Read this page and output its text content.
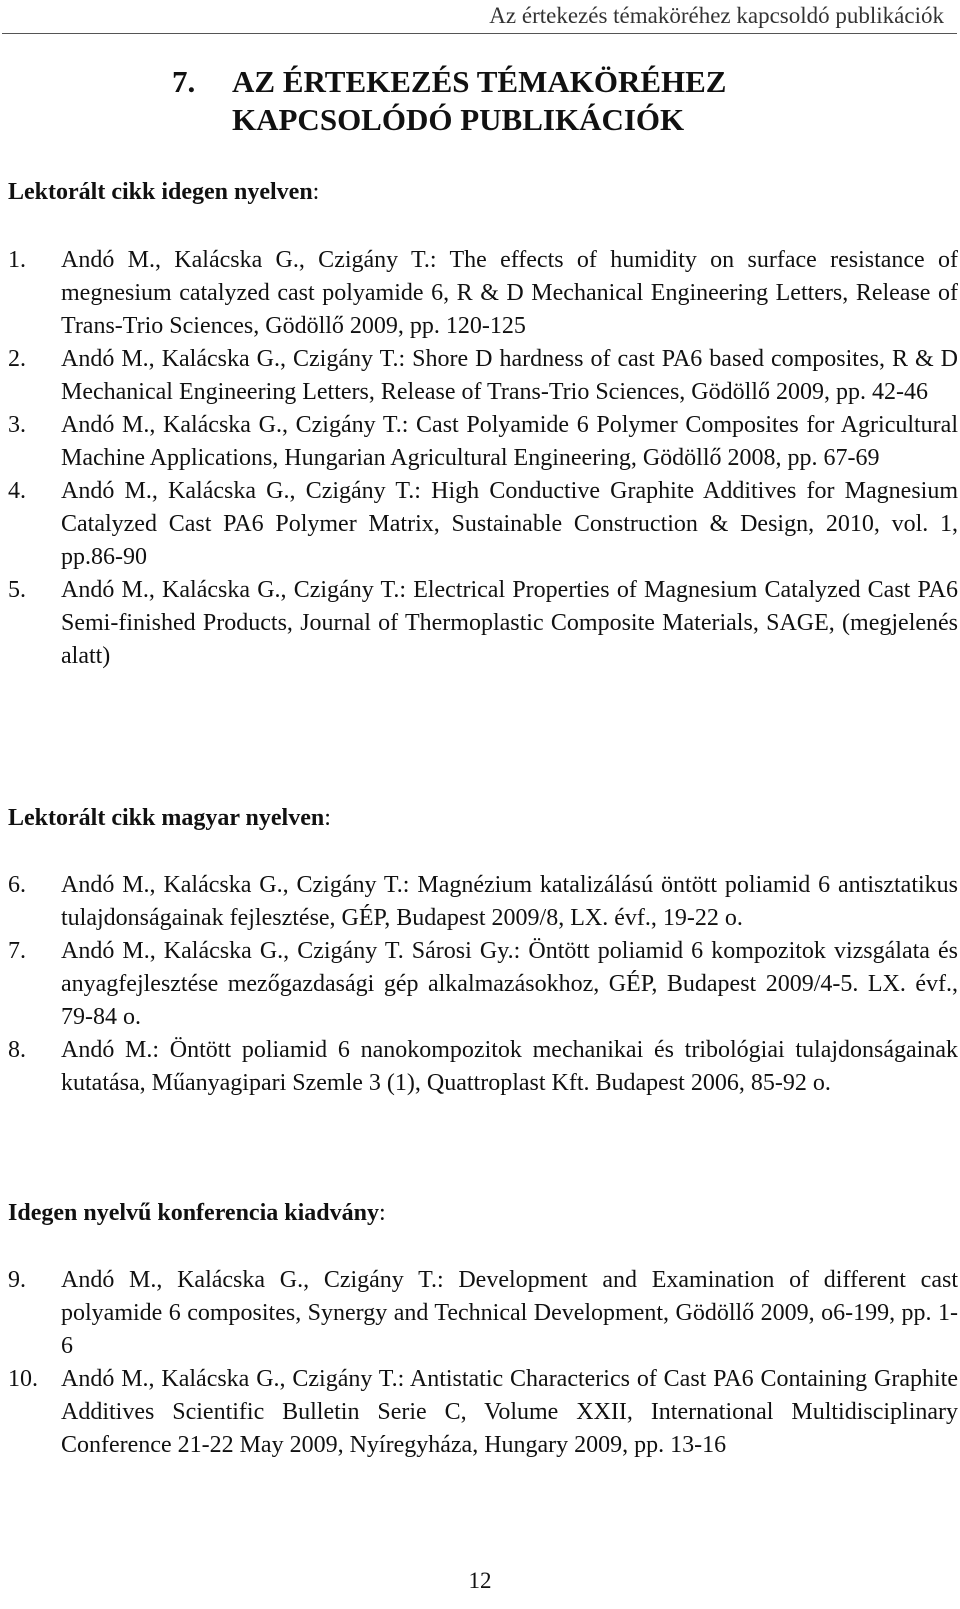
Az értekezés témaköréhez kapcsoldó publikációk
7.	AZ ÉRTEKEZÉS TÉMAKÖRÉHEZ
KAPCSOLÓDÓ PUBLIKÁCIÓK
Lektorált cikk idegen nyelven:
1.	Andó M., Kalácska G., Czigány T.: The effects of humidity on surface resistance of megnesium catalyzed cast polyamide 6, R & D Mechanical Engineering Letters, Release of Trans-Trio Sciences, Gödöllő 2009, pp. 120-125
2.	Andó M., Kalácska G., Czigány T.: Shore D hardness of cast PA6 based composites, R & D Mechanical Engineering Letters, Release of Trans-Trio Sciences, Gödöllő 2009, pp. 42-46
3.	Andó M., Kalácska G., Czigány T.: Cast Polyamide 6 Polymer Composites for Agricultural Machine Applications, Hungarian Agricultural Engineering, Gödöllő 2008, pp. 67-69
4.	Andó M., Kalácska G., Czigány T.: High Conductive Graphite Additives for Magnesium Catalyzed Cast PA6 Polymer Matrix, Sustainable Construction & Design, 2010, vol. 1, pp.86-90
5.	Andó M., Kalácska G., Czigány T.: Electrical Properties of Magnesium Catalyzed Cast PA6 Semi-finished Products, Journal of Thermoplastic Composite Materials, SAGE, (megjelenés alatt)
Lektorált cikk magyar nyelven:
6.	Andó M., Kalácska G., Czigány T.: Magnézium katalizálású öntött poliamid 6 antisztatikus tulajdonságainak fejlesztése, GÉP, Budapest 2009/8, LX. évf., 19-22 o.
7.	Andó M., Kalácska G., Czigány T. Sárosi Gy.: Öntött poliamid 6 kompozitok vizsgálata és anyagfejlesztése mezőgazdasági gép alkalmazásokhoz, GÉP, Budapest 2009/4-5. LX. évf., 79-84 o.
8.	Andó M.: Öntött poliamid 6 nanokompozitok mechanikai és tribológiai tulajdonságainak kutatása, Műanyagipari Szemle 3 (1), Quattroplast Kft. Budapest 2006, 85-92 o.
Idegen nyelvű konferencia kiadvány:
9.	Andó M., Kalácska G., Czigány T.: Development and Examination of different cast polyamide 6 composites, Synergy and Technical Development, Gödöllő 2009, o6-199, pp. 1-6
10. Andó M., Kalácska G., Czigány T.: Antistatic Characterics of Cast PA6 Containing Graphite Additives Scientific Bulletin Serie C, Volume XXII, International Multidisciplinary Conference 21-22 May 2009, Nyíregyháza, Hungary 2009, pp. 13-16
12
